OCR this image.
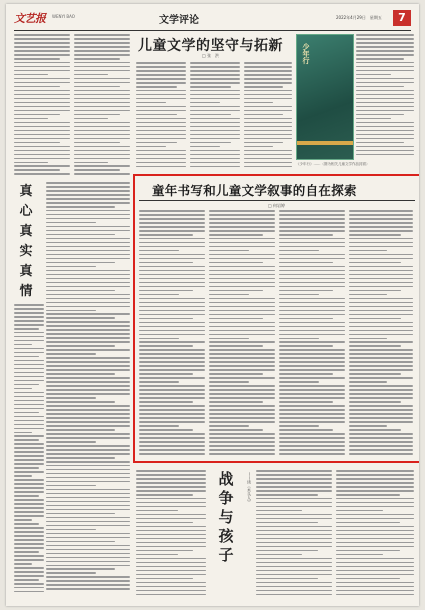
文艺报 WENYI BAO	文学评论	2022年4月29日　星期五	7
儿童文学的坚守与拓新
□ 张　洪	少年行
《少年行》……（图为相关儿童文学作品封面）
真
心
真
实
真
情
童年书写和儿童文学叙事的自在探索
□ 何岩婷
战
争
与
孩
子
——读《木头人》
